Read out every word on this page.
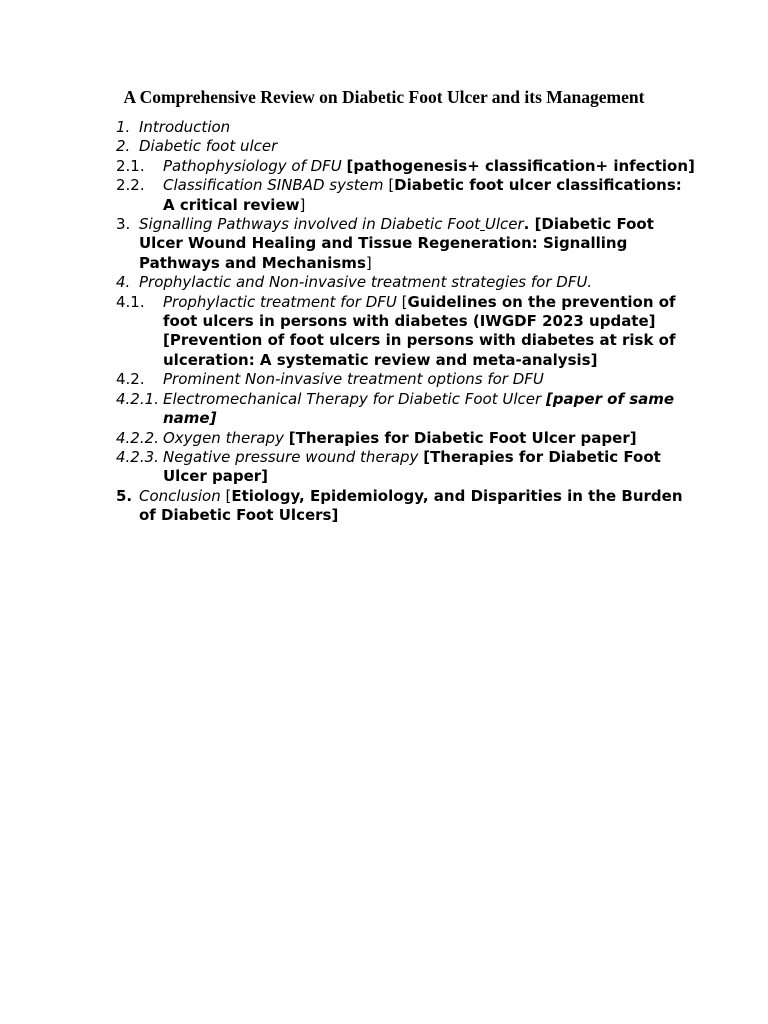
A Comprehensive Review on Diabetic Foot Ulcer and its Management
1. Introduction
2. Diabetic foot ulcer
2.1. Pathophysiology of DFU [pathogenesis+ classification+ infection]
2.2. Classification SINBAD system [Diabetic foot ulcer classifications: A critical review]
3. Signalling Pathways involved in Diabetic Foot Ulcer. [Diabetic Foot Ulcer Wound Healing and Tissue Regeneration: Signalling Pathways and Mechanisms]
4. Prophylactic and Non-invasive treatment strategies for DFU.
4.1. Prophylactic treatment for DFU [Guidelines on the prevention of foot ulcers in persons with diabetes (IWGDF 2023 update] [Prevention of foot ulcers in persons with diabetes at risk of ulceration: A systematic review and meta-analysis]
4.2. Prominent Non-invasive treatment options for DFU
4.2.1. Electromechanical Therapy for Diabetic Foot Ulcer [paper of same name]
4.2.2. Oxygen therapy [Therapies for Diabetic Foot Ulcer paper]
4.2.3. Negative pressure wound therapy [Therapies for Diabetic Foot Ulcer paper]
5. Conclusion [Etiology, Epidemiology, and Disparities in the Burden of Diabetic Foot Ulcers]
